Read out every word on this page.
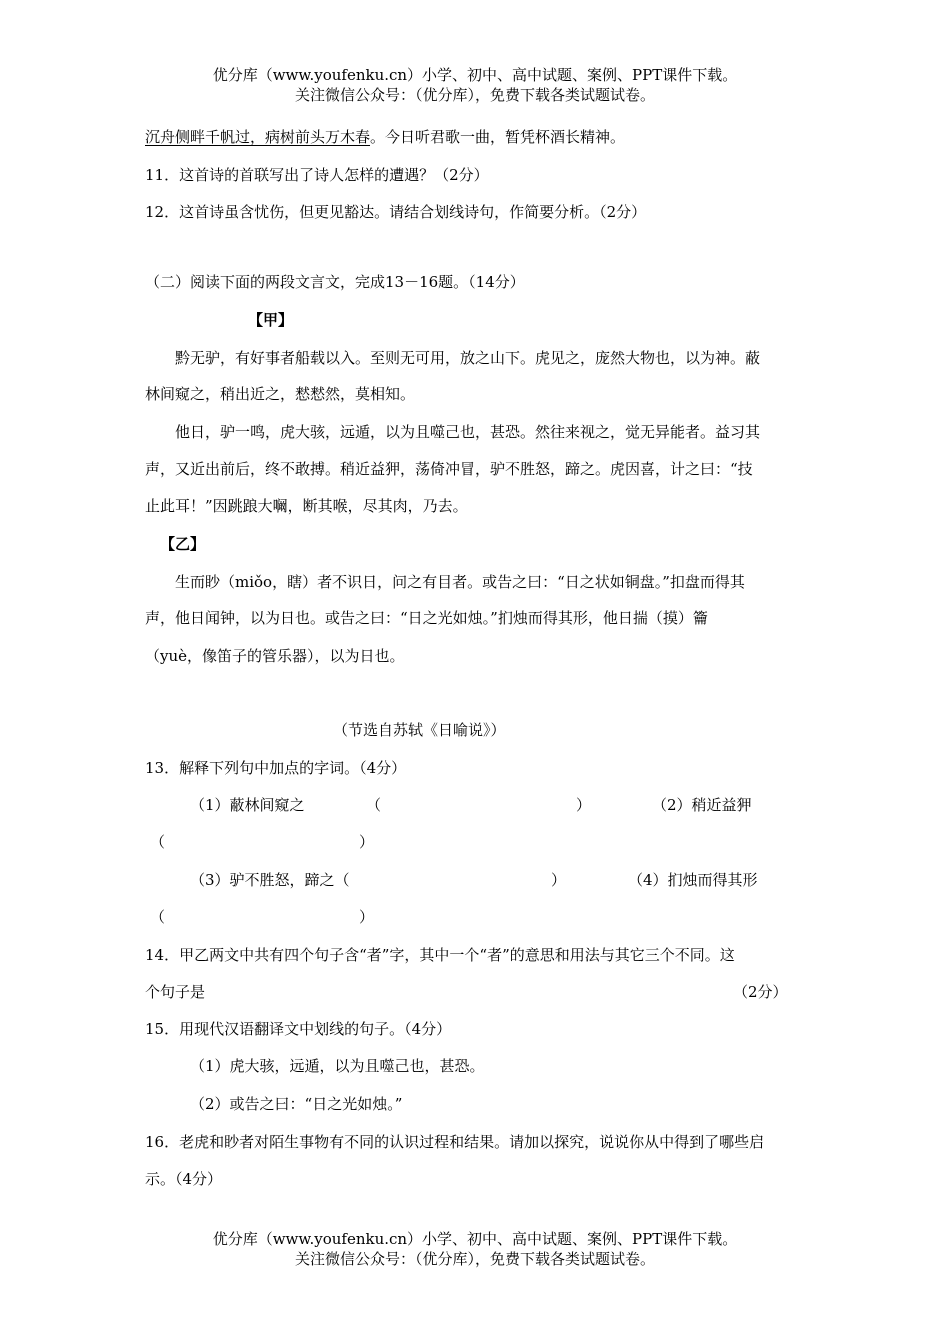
优分库（www.youfenku.cn）小学、初中、高中试题、案例、PPT课件下载。
关注微信公众号：（优分库），免费下载各类试题试卷。
沉舟侧畔千帆过，病树前头万木春。今日听君歌一曲，暂凭杯酒长精神。
11．这首诗的首联写出了诗人怎样的遭遇？（2分）
12．这首诗虽含忧伤，但更见豁达。请结合划线诗句，作简要分析。（2分）
（二）阅读下面的两段文言文，完成13－16题。（14分）
【甲】
黔无驴，有好事者船载以入。至则无可用，放之山下。虎见之，庞然大物也，以为神。蔽
林间窥之，稍出近之，慭慭然，莫相知。
他日，驴一鸣，虎大骇，远遁，以为且噬己也，甚恐。然往来视之，觉无异能者。益习其
声，又近出前后，终不敢搏。稍近益狎，荡倚冲冒，驴不胜怒，蹄之。虎因喜，计之曰：“技
止此耳！”因跳踉大㘎，断其喉，尽其肉，乃去。
【乙】
生而眇（miǒo，瞎）者不识日，问之有目者。或告之曰：“日之状如铜盘。”扣盘而得其
声，他日闻钟，以为日也。或告之曰：“日之光如烛。”扪烛而得其形，他日揣（摸）籥
（yuè，像笛子的管乐器），以为日也。
（节选自苏轼《日喻说》）
13．解释下列句中加点的字词。（4分）
（1）蔽林间窥之	（	）	（2）稍近益狎
（	）
（3）驴不胜怒，蹄之（	）	（4）扪烛而得其形
（	）
14．甲乙两文中共有四个句子含“者”字，其中一个“者”的意思和用法与其它三个不同。这
个句子是	（2分）
15．用现代汉语翻译文中划线的句子。（4分）
（1）虎大骇，远遁，以为且噬己也，甚恐。
（2）或告之曰：“日之光如烛。”
16．老虎和眇者对陌生事物有不同的认识过程和结果。请加以探究，说说你从中得到了哪些启
示。（4分）
优分库（www.youfenku.cn）小学、初中、高中试题、案例、PPT课件下载。
关注微信公众号：（优分库），免费下载各类试题试卷。
